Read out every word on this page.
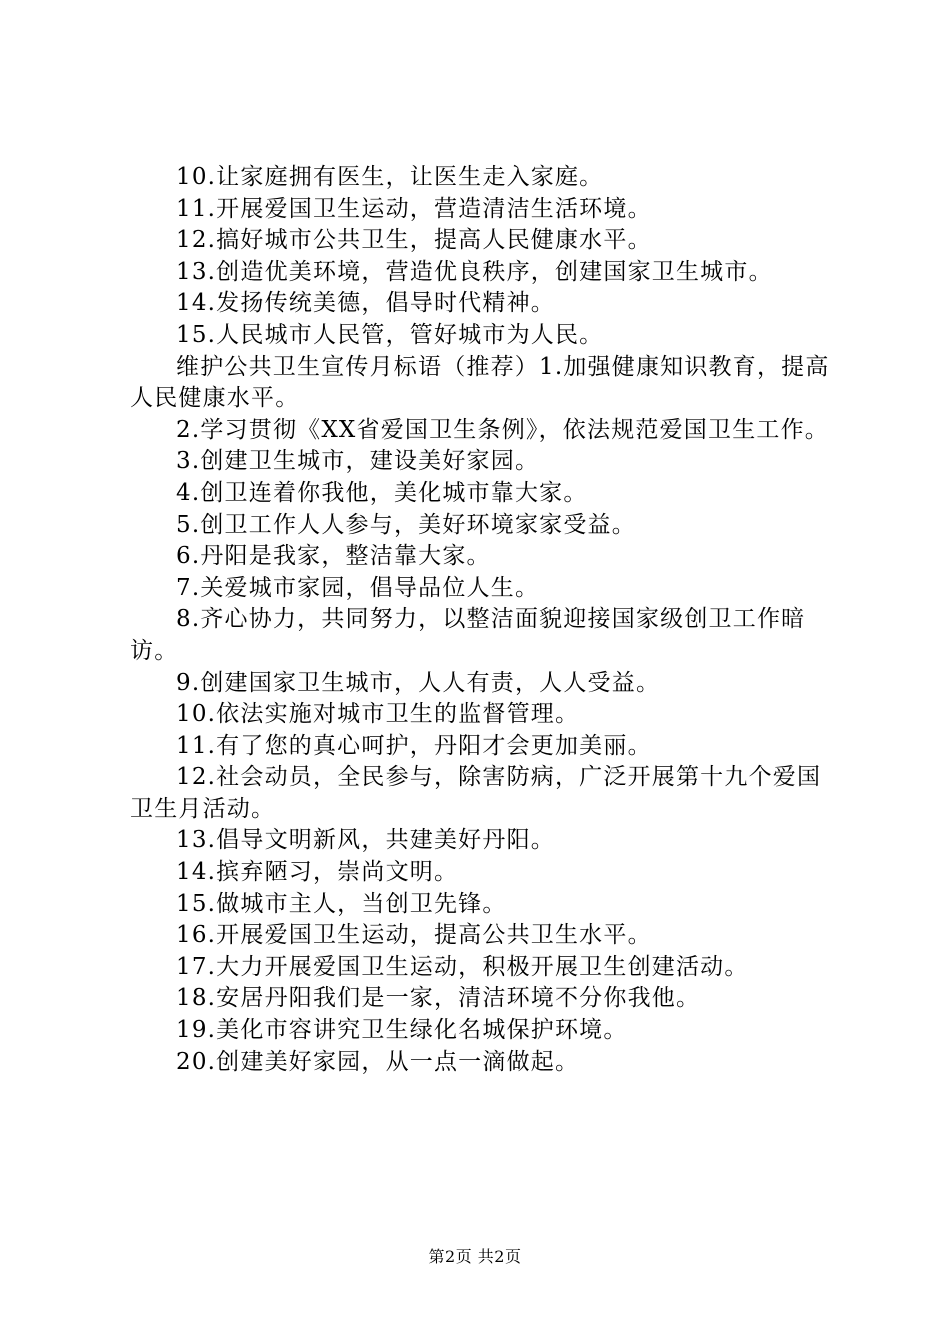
10.让家庭拥有医生，让医生走入家庭。

11.开展爱国卫生运动，营造清洁生活环境。

12.搞好城市公共卫生，提高人民健康水平。

13.创造优美环境，营造优良秩序，创建国家卫生城市。

14.发扬传统美德，倡导时代精神。

15.人民城市人民管，管好城市为人民。

维护公共卫生宣传月标语（推荐）1.加强健康知识教育，提高人民健康水平。

2.学习贯彻《XX省爱国卫生条例》，依法规范爱国卫生工作。

3.创建卫生城市，建设美好家园。

4.创卫连着你我他，美化城市靠大家。

5.创卫工作人人参与，美好环境家家受益。

6.丹阳是我家，整洁靠大家。

7.关爱城市家园，倡导品位人生。

8.齐心协力，共同努力，以整洁面貌迎接国家级创卫工作暗访。

9.创建国家卫生城市，人人有责，人人受益。

10.依法实施对城市卫生的监督管理。

11.有了您的真心呵护，丹阳才会更加美丽。

12.社会动员，全民参与，除害防病，广泛开展第十九个爱国卫生月活动。

13.倡导文明新风，共建美好丹阳。

14.摈弃陋习，崇尚文明。

15.做城市主人，当创卫先锋。

16.开展爱国卫生运动，提高公共卫生水平。

17.大力开展爱国卫生运动，积极开展卫生创建活动。

18.安居丹阳我们是一家，清洁环境不分你我他。

19.美化市容讲究卫生绿化名城保护环境。

20.创建美好家园，从一点一滴做起。

第2页 共2页
